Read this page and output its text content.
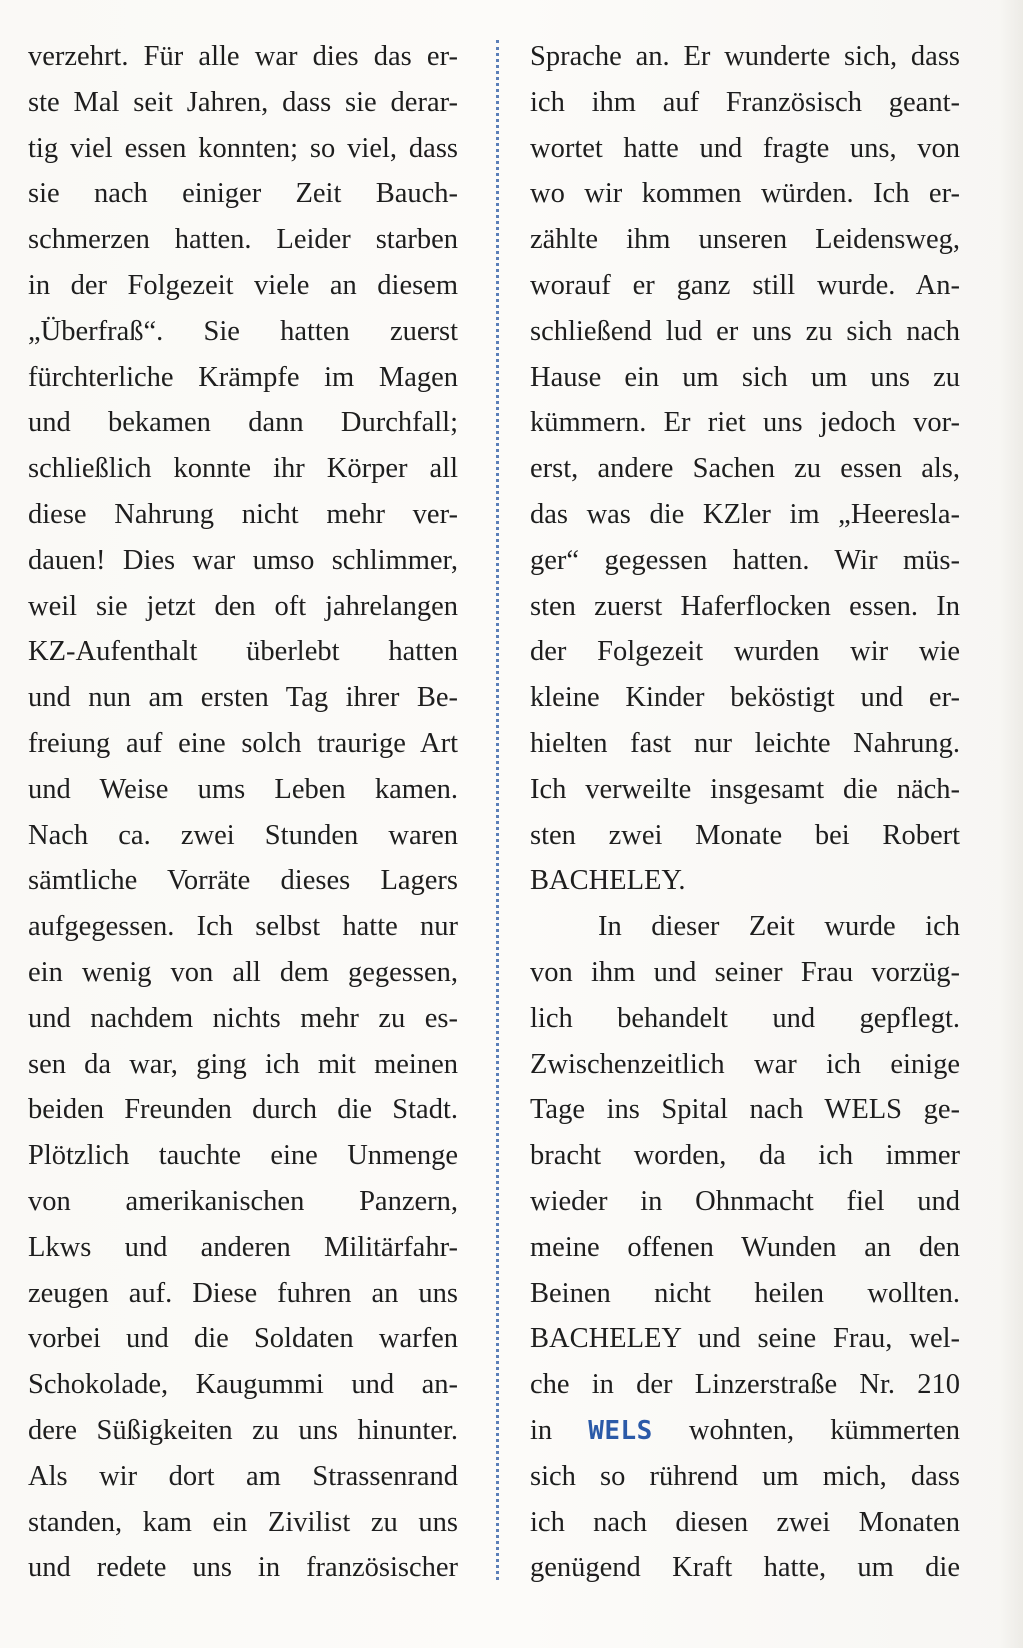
verzehrt. Für alle war dies das er-
ste Mal seit Jahren, dass sie derar-
tig viel essen konnten; so viel, dass
sie nach einiger Zeit Bauch-
schmerzen hatten. Leider starben
in der Folgezeit viele an diesem
„Überfraß“. Sie hatten zuerst
fürchterliche Krämpfe im Magen
und bekamen dann Durchfall;
schließlich konnte ihr Körper all
diese Nahrung nicht mehr ver-
dauen! Dies war umso schlimmer,
weil sie jetzt den oft jahrelangen
KZ-Aufenthalt überlebt hatten
und nun am ersten Tag ihrer Be-
freiung auf eine solch traurige Art
und Weise ums Leben kamen.
Nach ca. zwei Stunden waren
sämtliche Vorräte dieses Lagers
aufgegessen. Ich selbst hatte nur
ein wenig von all dem gegessen,
und nachdem nichts mehr zu es-
sen da war, ging ich mit meinen
beiden Freunden durch die Stadt.
Plötzlich tauchte eine Unmenge
von amerikanischen Panzern,
Lkws und anderen Militärfahr-
zeugen auf. Diese fuhren an uns
vorbei und die Soldaten warfen
Schokolade, Kaugummi und an-
dere Süßigkeiten zu uns hinunter.
Als wir dort am Strassenrand
standen, kam ein Zivilist zu uns
und redete uns in französischer
Sprache an. Er wunderte sich, dass
ich ihm auf Französisch geant-
wortet hatte und fragte uns, von
wo wir kommen würden. Ich er-
zählte ihm unseren Leidensweg,
worauf er ganz still wurde. An-
schließend lud er uns zu sich nach
Hause ein um sich um uns zu
kümmern. Er riet uns jedoch vor-
erst, andere Sachen zu essen als,
das was die KZler im „Heeresla-
ger“ gegessen hatten. Wir müs-
sten zuerst Haferflocken essen. In
der Folgezeit wurden wir wie
kleine Kinder beköstigt und er-
hielten fast nur leichte Nahrung.
Ich verweilte insgesamt die näch-
sten zwei Monate bei Robert
BACHELEY.
In dieser Zeit wurde ich
von ihm und seiner Frau vorzüg-
lich behandelt und gepflegt.
Zwischenzeitlich war ich einige
Tage ins Spital nach WELS ge-
bracht worden, da ich immer
wieder in Ohnmacht fiel und
meine offenen Wunden an den
Beinen nicht heilen wollten.
BACHELEY und seine Frau, wel-
che in der Linzerstraße Nr. 210
in WELS wohnten, kümmerten
sich so rührend um mich, dass
ich nach diesen zwei Monaten
genügend Kraft hatte, um die
